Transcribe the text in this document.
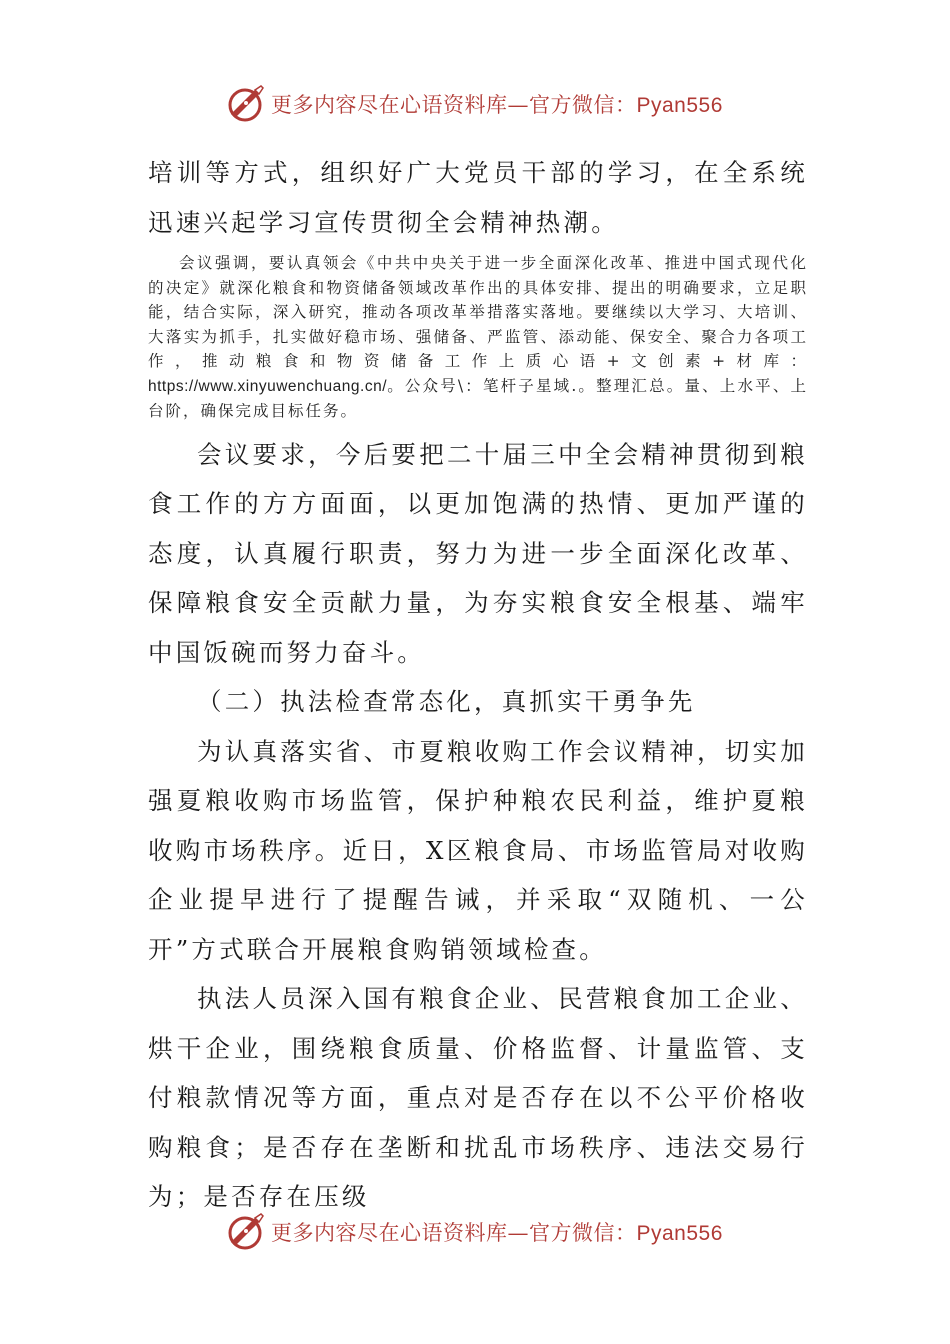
更多内容尽在心语资料库—官方微信：Pyan556

培训等方式，组织好广大党员干部的学习，在全系统迅速兴起学习宣传贯彻全会精神热潮。

会议强调，要认真领会《中共中央关于进一步全面深化改革、推进中国式现代化的决定》就深化粮食和物资储备领域改革作出的具体安排、提出的明确要求，立足职能，结合实际，深入研究，推动各项改革举措落实落地。要继续以大学习、大培训、大落实为抓手，扎实做好稳市场、强储备、严监管、添动能、保安全、聚合力各项工作，推动粮食和物资储备工作上质心语+文创素+材库：https://www.xinyuwenchuang.cn/。公众号\：笔杆子星域.。整理汇总。量、上水平、上台阶，确保完成目标任务。

会议要求，今后要把二十届三中全会精神贯彻到粮食工作的方方面面，以更加饱满的热情、更加严谨的态度，认真履行职责，努力为进一步全面深化改革、保障粮食安全贡献力量，为夯实粮食安全根基、端牢中国饭碗而努力奋斗。

（二）执法检查常态化，真抓实干勇争先

为认真落实省、市夏粮收购工作会议精神，切实加强夏粮收购市场监管，保护种粮农民利益，维护夏粮收购市场秩序。近日，X区粮食局、市场监管局对收购企业提早进行了提醒告诫，并采取“双随机、一公开”方式联合开展粮食购销领域检查。

执法人员深入国有粮食企业、民营粮食加工企业、烘干企业，围绕粮食质量、价格监督、计量监管、支付粮款情况等方面，重点对是否存在以不公平价格收购粮食；是否存在垄断和扰乱市场秩序、违法交易行为；是否存在压级

更多内容尽在心语资料库—官方微信：Pyan556
